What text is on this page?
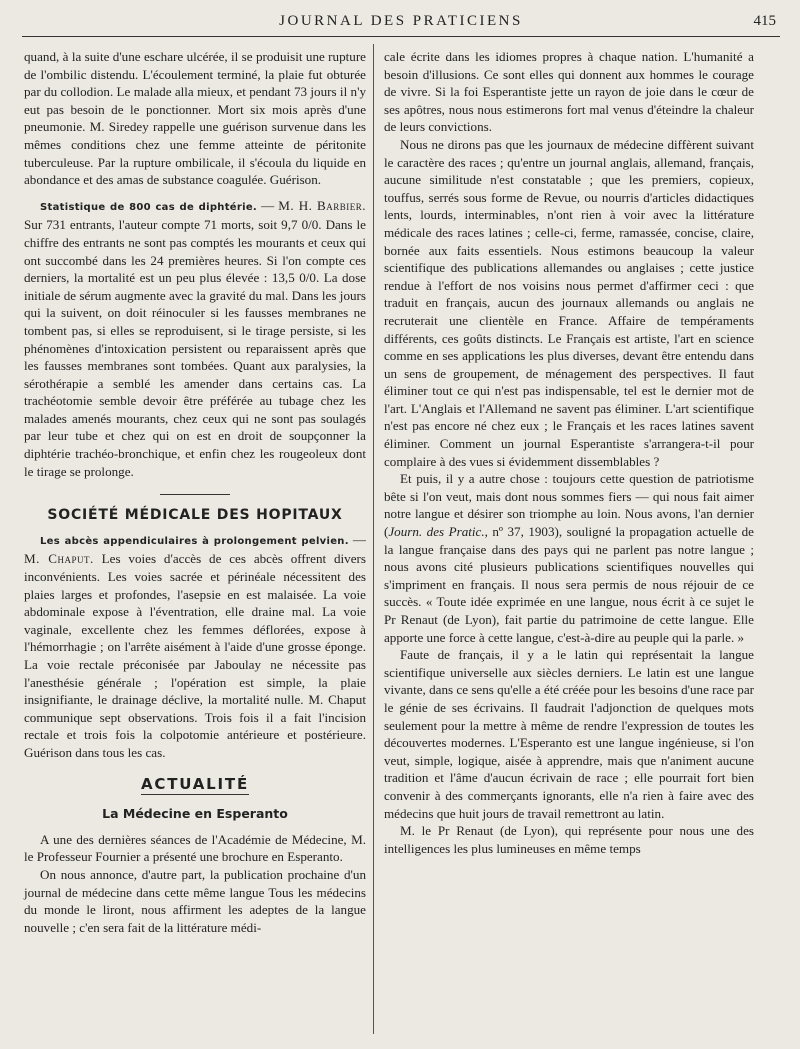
JOURNAL DES PRATICIENS	415

quand, à la suite d'une eschare ulcérée, il se produisit une rupture de l'ombilic distendu. L'écoulement terminé, la plaie fut obturée par du collodion. Le malade alla mieux, et pendant 73 jours il n'y eut pas besoin de le ponctionner. Mort six mois après d'une pneumonie. M. Siredey rappelle une guérison survenue dans les mêmes conditions chez une femme atteinte de péritonite tuberculeuse. Par la rupture ombilicale, il s'écoula du liquide en abondance et des amas de substance coagulée. Guérison.

Statistique de 800 cas de diphtérie. — M. H. Barbier. Sur 731 entrants, l'auteur compte 71 morts, soit 9,7 0/0. Dans le chiffre des entrants ne sont pas comptés les mourants et ceux qui ont succombé dans les 24 premières heures. Si l'on compte ces derniers, la mortalité est un peu plus élevée : 13,5 0/0. La dose initiale de sérum augmente avec la gravité du mal. Dans les jours qui la suivent, on doit réinoculer si les fausses membranes ne tombent pas, si elles se reproduisent, si le tirage persiste, si les phénomènes d'intoxication persistent ou reparaissent après que les fausses membranes sont tombées. Quant aux paralysies, la sérothérapie a semblé les amender dans certains cas. La trachéotomie semble devoir être préférée au tubage chez les malades amenés mourants, chez ceux qui ne sont pas soulagés par leur tube et chez qui on est en droit de soupçonner la diphtérie trachéo-bronchique, et enfin chez les rougeoleux dont le tirage se prolonge.

SOCIÉTÉ MÉDICALE DES HOPITAUX

Les abcès appendiculaires à prolongement pelvien. — M. Chaput. Les voies d'accès de ces abcès offrent divers inconvénients. Les voies sacrée et périnéale nécessitent des plaies larges et profondes, l'asepsie en est malaisée. La voie abdominale expose à l'éventration, elle draine mal. La voie vaginale, excellente chez les femmes déflorées, expose à l'hémorrhagie ; on l'arrête aisément à l'aide d'une grosse éponge. La voie rectale préconisée par Jaboulay ne nécessite pas l'anesthésie générale ; l'opération est simple, la plaie insignifiante, le drainage déclive, la mortalité nulle. M. Chaput communique sept observations. Trois fois il a fait l'incision rectale et trois fois la colpotomie antérieure et postérieure. Guérison dans tous les cas.

ACTUALITÉ
La Médecine en Esperanto

A une des dernières séances de l'Académie de Médecine, M. le Professeur Fournier a présenté une brochure en Esperanto.

On nous annonce, d'autre part, la publication prochaine d'un journal de médecine dans cette même langue Tous les médecins du monde le liront, nous affirment les adeptes de la langue nouvelle ; c'en sera fait de la littérature médi-

cale écrite dans les idiomes propres à chaque nation. L'humanité a besoin d'illusions. Ce sont elles qui donnent aux hommes le courage de vivre. Si la foi Esperantiste jette un rayon de joie dans le cœur de ses apôtres, nous nous estimerons fort mal venus d'éteindre la chaleur de leurs convictions.

Nous ne dirons pas que les journaux de médecine diffèrent suivant le caractère des races ; qu'entre un journal anglais, allemand, français, aucune similitude n'est constatable ; que les premiers, copieux, touffus, serrés sous forme de Revue, ou nourris d'articles didactiques lents, lourds, interminables, n'ont rien à voir avec la littérature médicale des races latines ; celle-ci, ferme, ramassée, concise, claire, bornée aux faits essentiels. Nous estimons beaucoup la valeur scientifique des publications allemandes ou anglaises ; cette justice rendue à l'effort de nos voisins nous permet d'affirmer ceci : que traduit en français, aucun des journaux allemands ou anglais ne recruterait une clientèle en France. Affaire de tempéraments différents, ces goûts distincts. Le Français est artiste, l'art en science comme en ses applications les plus diverses, devant être entendu dans un sens de groupement, de ménagement des perspectives. Il faut éliminer tout ce qui n'est pas indispensable, tel est le dernier mot de l'art. L'Anglais et l'Allemand ne savent pas éliminer. L'art scientifique n'est pas encore né chez eux ; le Français et les races latines savent éliminer. Comment un journal Esperantiste s'arrangera-t-il pour complaire à des vues si évidemment dissemblables ?

Et puis, il y a autre chose : toujours cette question de patriotisme bête si l'on veut, mais dont nous sommes fiers — qui nous fait aimer notre langue et désirer son triomphe au loin. Nous avons, l'an dernier (Journ. des Pratic., nº 37, 1903), souligné la propagation actuelle de la langue française dans des pays qui ne parlent pas notre langue ; nous avons cité plusieurs publications scientifiques nouvelles qui s'impriment en français. Il nous sera permis de nous réjouir de ce succès. « Toute idée exprimée en une langue, nous écrit à ce sujet le Pr Renaut (de Lyon), fait partie du patrimoine de cette langue. Elle apporte une force à cette langue, c'est-à-dire au peuple qui la parle. »

Faute de français, il y a le latin qui représentait la langue scientifique universelle aux siècles derniers. Le latin est une langue vivante, dans ce sens qu'elle a été créée pour les besoins d'une race par le génie de ses écrivains. Il faudrait l'adjonction de quelques mots seulement pour la mettre à même de rendre l'expression de toutes les découvertes modernes. L'Esperanto est une langue ingénieuse, si l'on veut, simple, logique, aisée à apprendre, mais que n'animent aucune tradition et l'âme d'aucun écrivain de race ; elle pourrait fort bien convenir à des commerçants ignorants, elle n'a rien à faire avec des médecins que huit jours de travail remettront au latin.

M. le Pr Renaut (de Lyon), qui représente pour nous une des intelligences les plus lumineuses en même temps
